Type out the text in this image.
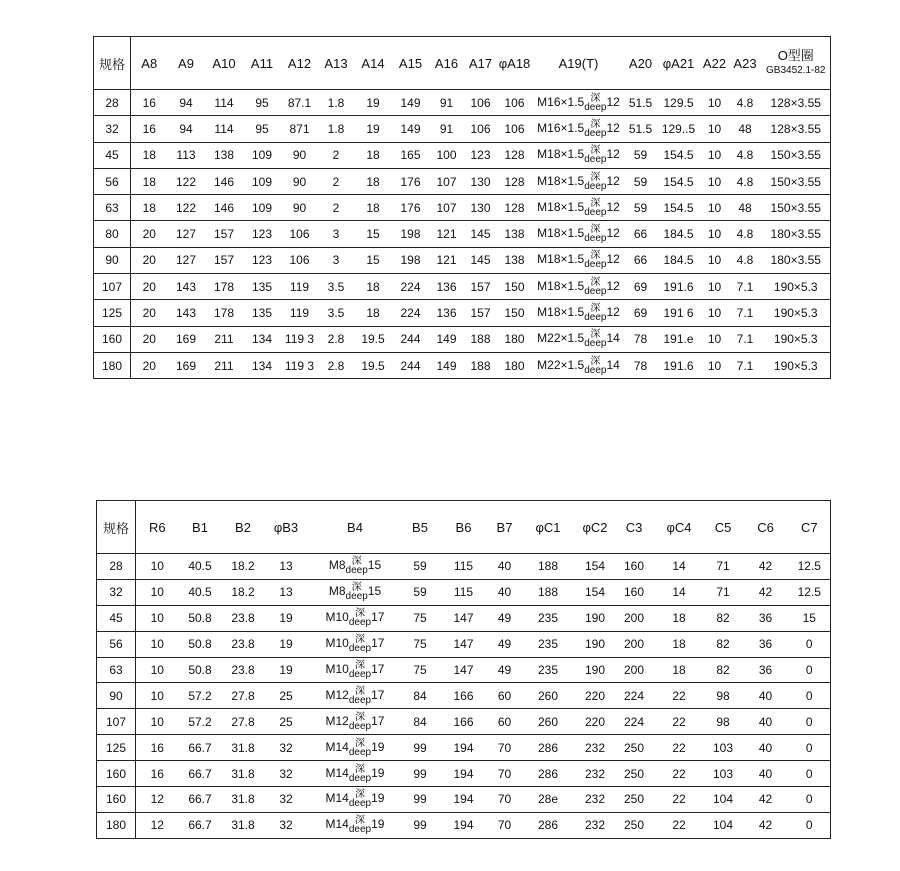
规格	A8	A9	A10	A11	A12	A13	A14	A15	A16	A17	φA18	A19(T)	A20	φA21	A22	A23	O型圈
GB3452.1-82

28	16	94	114	95	87.1	1.8	19	149	91	106	106	M16×1.5 深
deep 12	51.5	129.5	10	4.8	128×3.55
32	16	94	114	95	871	1.8	19	149	91	106	106	M16×1.5 深
deep 12	51.5	129..5	10	48	128×3.55
45	18	113	138	109	90	2	18	165	100	123	128	M18×1.5 深
deep 12	59	154.5	10	4.8	150×3.55
56	18	122	146	109	90	2	18	176	107	130	128	M18×1.5 深
deep 12	59	154.5	10	4.8	150×3.55
63	18	122	146	109	90	2	18	176	107	130	128	M18×1.5 深
deep 12	59	154.5	10	48	150×3.55
80	20	127	157	123	106	3	15	198	121	145	138	M18×1.5 深
deep 12	66	184.5	10	4.8	180×3.55
90	20	127	157	123	106	3	15	198	121	145	138	M18×1.5 深
deep 12	66	184.5	10	4.8	180×3.55
107	20	143	178	135	119	3.5	18	224	136	157	150	M18×1.5 深
deep 12	69	191.6	10	7.1	190×5.3
125	20	143	178	135	119	3.5	18	224	136	157	150	M18×1.5 深
deep 12	69	191 6	10	7.1	190×5.3
160	20	169	211	134	119 3	2.8	19.5	244	149	188	180	M22×1.5 深
deep 14	78	191.e	10	7.1	190×5.3
180	20	169	211	134	119 3	2.8	19.5	244	149	188	180	M22×1.5 深
deep 14	78	191.6	10	7.1	190×5.3
规格	R6	B1	B2	φB3	B4	B5	B6	B7	φC1	φC2	C3	φC4	C5	C6	C7
28	10	40.5	18.2	13	M8 深
deep 15	59	115	40	188	154	160	14	71	42	12.5
32	10	40.5	18.2	13	M8 深
deep 15	59	115	40	188	154	160	14	71	42	12.5
45	10	50.8	23.8	19	M10 深
deep 17	75	147	49	235	190	200	18	82	36	15
56	10	50.8	23.8	19	M10 深
deep 17	75	147	49	235	190	200	18	82	36	0
63	10	50.8	23.8	19	M10 深
deep 17	75	147	49	235	190	200	18	82	36	0
90	10	57.2	27.8	25	M12 深
deep 17	84	166	60	260	220	224	22	98	40	0
107	10	57.2	27.8	25	M12 深
deep 17	84	166	60	260	220	224	22	98	40	0
125	16	66.7	31.8	32	M14 深
deep 19	99	194	70	286	232	250	22	103	40	0
160	16	66.7	31.8	32	M14 深
deep 19	99	194	70	286	232	250	22	103	40	0
160	12	66.7	31.8	32	M14 深
deep 19	99	194	70	28e	232	250	22	104	42	0
180	12	66.7	31.8	32	M14 深
deep 19	99	194	70	286	232	250	22	104	42	0
